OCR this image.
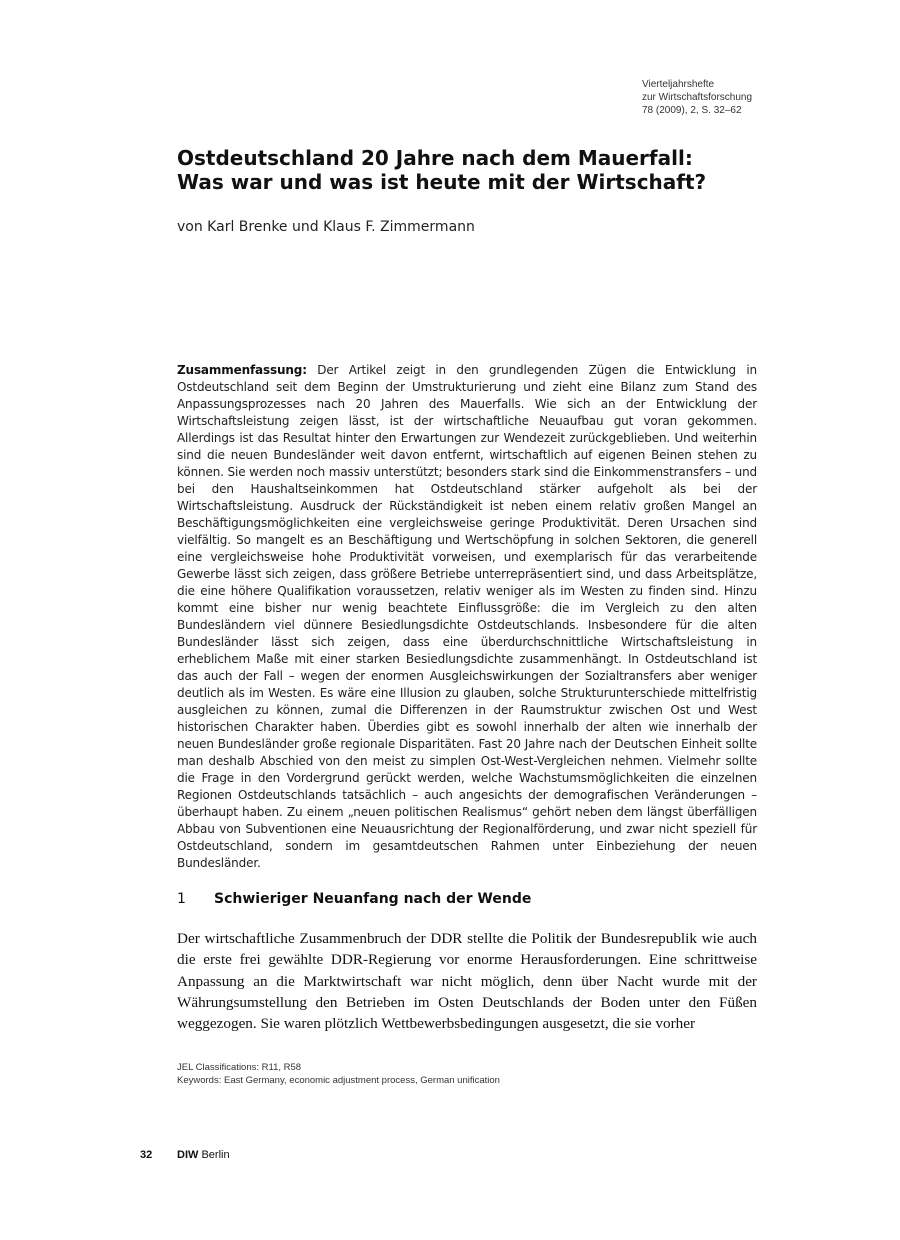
Vierteljahrshefte
zur Wirtschaftsforschung
78 (2009), 2, S. 32–62
Ostdeutschland 20 Jahre nach dem Mauerfall:
Was war und was ist heute mit der Wirtschaft?
von Karl Brenke und Klaus F. Zimmermann

Zusammenfassung: Der Artikel zeigt in den grundlegenden Zügen die Entwicklung in Ostdeutschland seit dem Beginn der Umstrukturierung und zieht eine Bilanz zum Stand des Anpassungsprozesses nach 20 Jahren des Mauerfalls. Wie sich an der Entwicklung der Wirtschaftsleistung zeigen lässt, ist der wirtschaftliche Neuaufbau gut voran gekommen. Allerdings ist das Resultat hinter den Erwartungen zur Wendezeit zurückgeblieben. Und weiterhin sind die neuen Bundesländer weit davon entfernt, wirtschaftlich auf eigenen Beinen stehen zu können. Sie werden noch massiv unterstützt; besonders stark sind die Einkommenstransfers – und bei den Haushaltseinkommen hat Ostdeutschland stärker aufgeholt als bei der Wirtschaftsleistung. Ausdruck der Rückständigkeit ist neben einem relativ großen Mangel an Beschäftigungsmöglichkeiten eine vergleichsweise geringe Produktivität. Deren Ursachen sind vielfältig. So mangelt es an Beschäftigung und Wertschöpfung in solchen Sektoren, die generell eine vergleichsweise hohe Produktivität vorweisen, und exemplarisch für das verarbeitende Gewerbe lässt sich zeigen, dass größere Betriebe unterrepräsentiert sind, und dass Arbeitsplätze, die eine höhere Qualifikation voraussetzen, relativ weniger als im Westen zu finden sind. Hinzu kommt eine bisher nur wenig beachtete Einflussgröße: die im Vergleich zu den alten Bundesländern viel dünnere Besiedlungsdichte Ostdeutschlands. Insbesondere für die alten Bundesländer lässt sich zeigen, dass eine überdurchschnittliche Wirtschaftsleistung in erheblichem Maße mit einer starken Besiedlungsdichte zusammenhängt. In Ostdeutschland ist das auch der Fall – wegen der enormen Ausgleichswirkungen der Sozialtransfers aber weniger deutlich als im Westen. Es wäre eine Illusion zu glauben, solche Strukturunterschiede mittelfristig ausgleichen zu können, zumal die Differenzen in der Raumstruktur zwischen Ost und West historischen Charakter haben. Überdies gibt es sowohl innerhalb der alten wie innerhalb der neuen Bundesländer große regionale Disparitäten. Fast 20 Jahre nach der Deutschen Einheit sollte man deshalb Abschied von den meist zu simplen Ost-West-Vergleichen nehmen. Vielmehr sollte die Frage in den Vordergrund gerückt werden, welche Wachstumsmöglichkeiten die einzelnen Regionen Ostdeutschlands tatsächlich – auch angesichts der demografischen Veränderungen – überhaupt haben. Zu einem „neuen politischen Realismus“ gehört neben dem längst überfälligen Abbau von Subventionen eine Neuausrichtung der Regionalförderung, und zwar nicht speziell für Ostdeutschland, sondern im gesamtdeutschen Rahmen unter Einbeziehung der neuen Bundesländer.

1 Schwieriger Neuanfang nach der Wende

Der wirtschaftliche Zusammenbruch der DDR stellte die Politik der Bundesrepublik wie auch die erste frei gewählte DDR-Regierung vor enorme Herausforderungen. Eine schrittweise Anpassung an die Marktwirtschaft war nicht möglich, denn über Nacht wurde mit der Währungsumstellung den Betrieben im Osten Deutschlands der Boden unter den Füßen weggezogen. Sie waren plötzlich Wettbewerbsbedingungen ausgesetzt, die sie vorher

JEL Classifications: R11, R58
Keywords: East Germany, economic adjustment process, German unification
32 DIW Berlin
